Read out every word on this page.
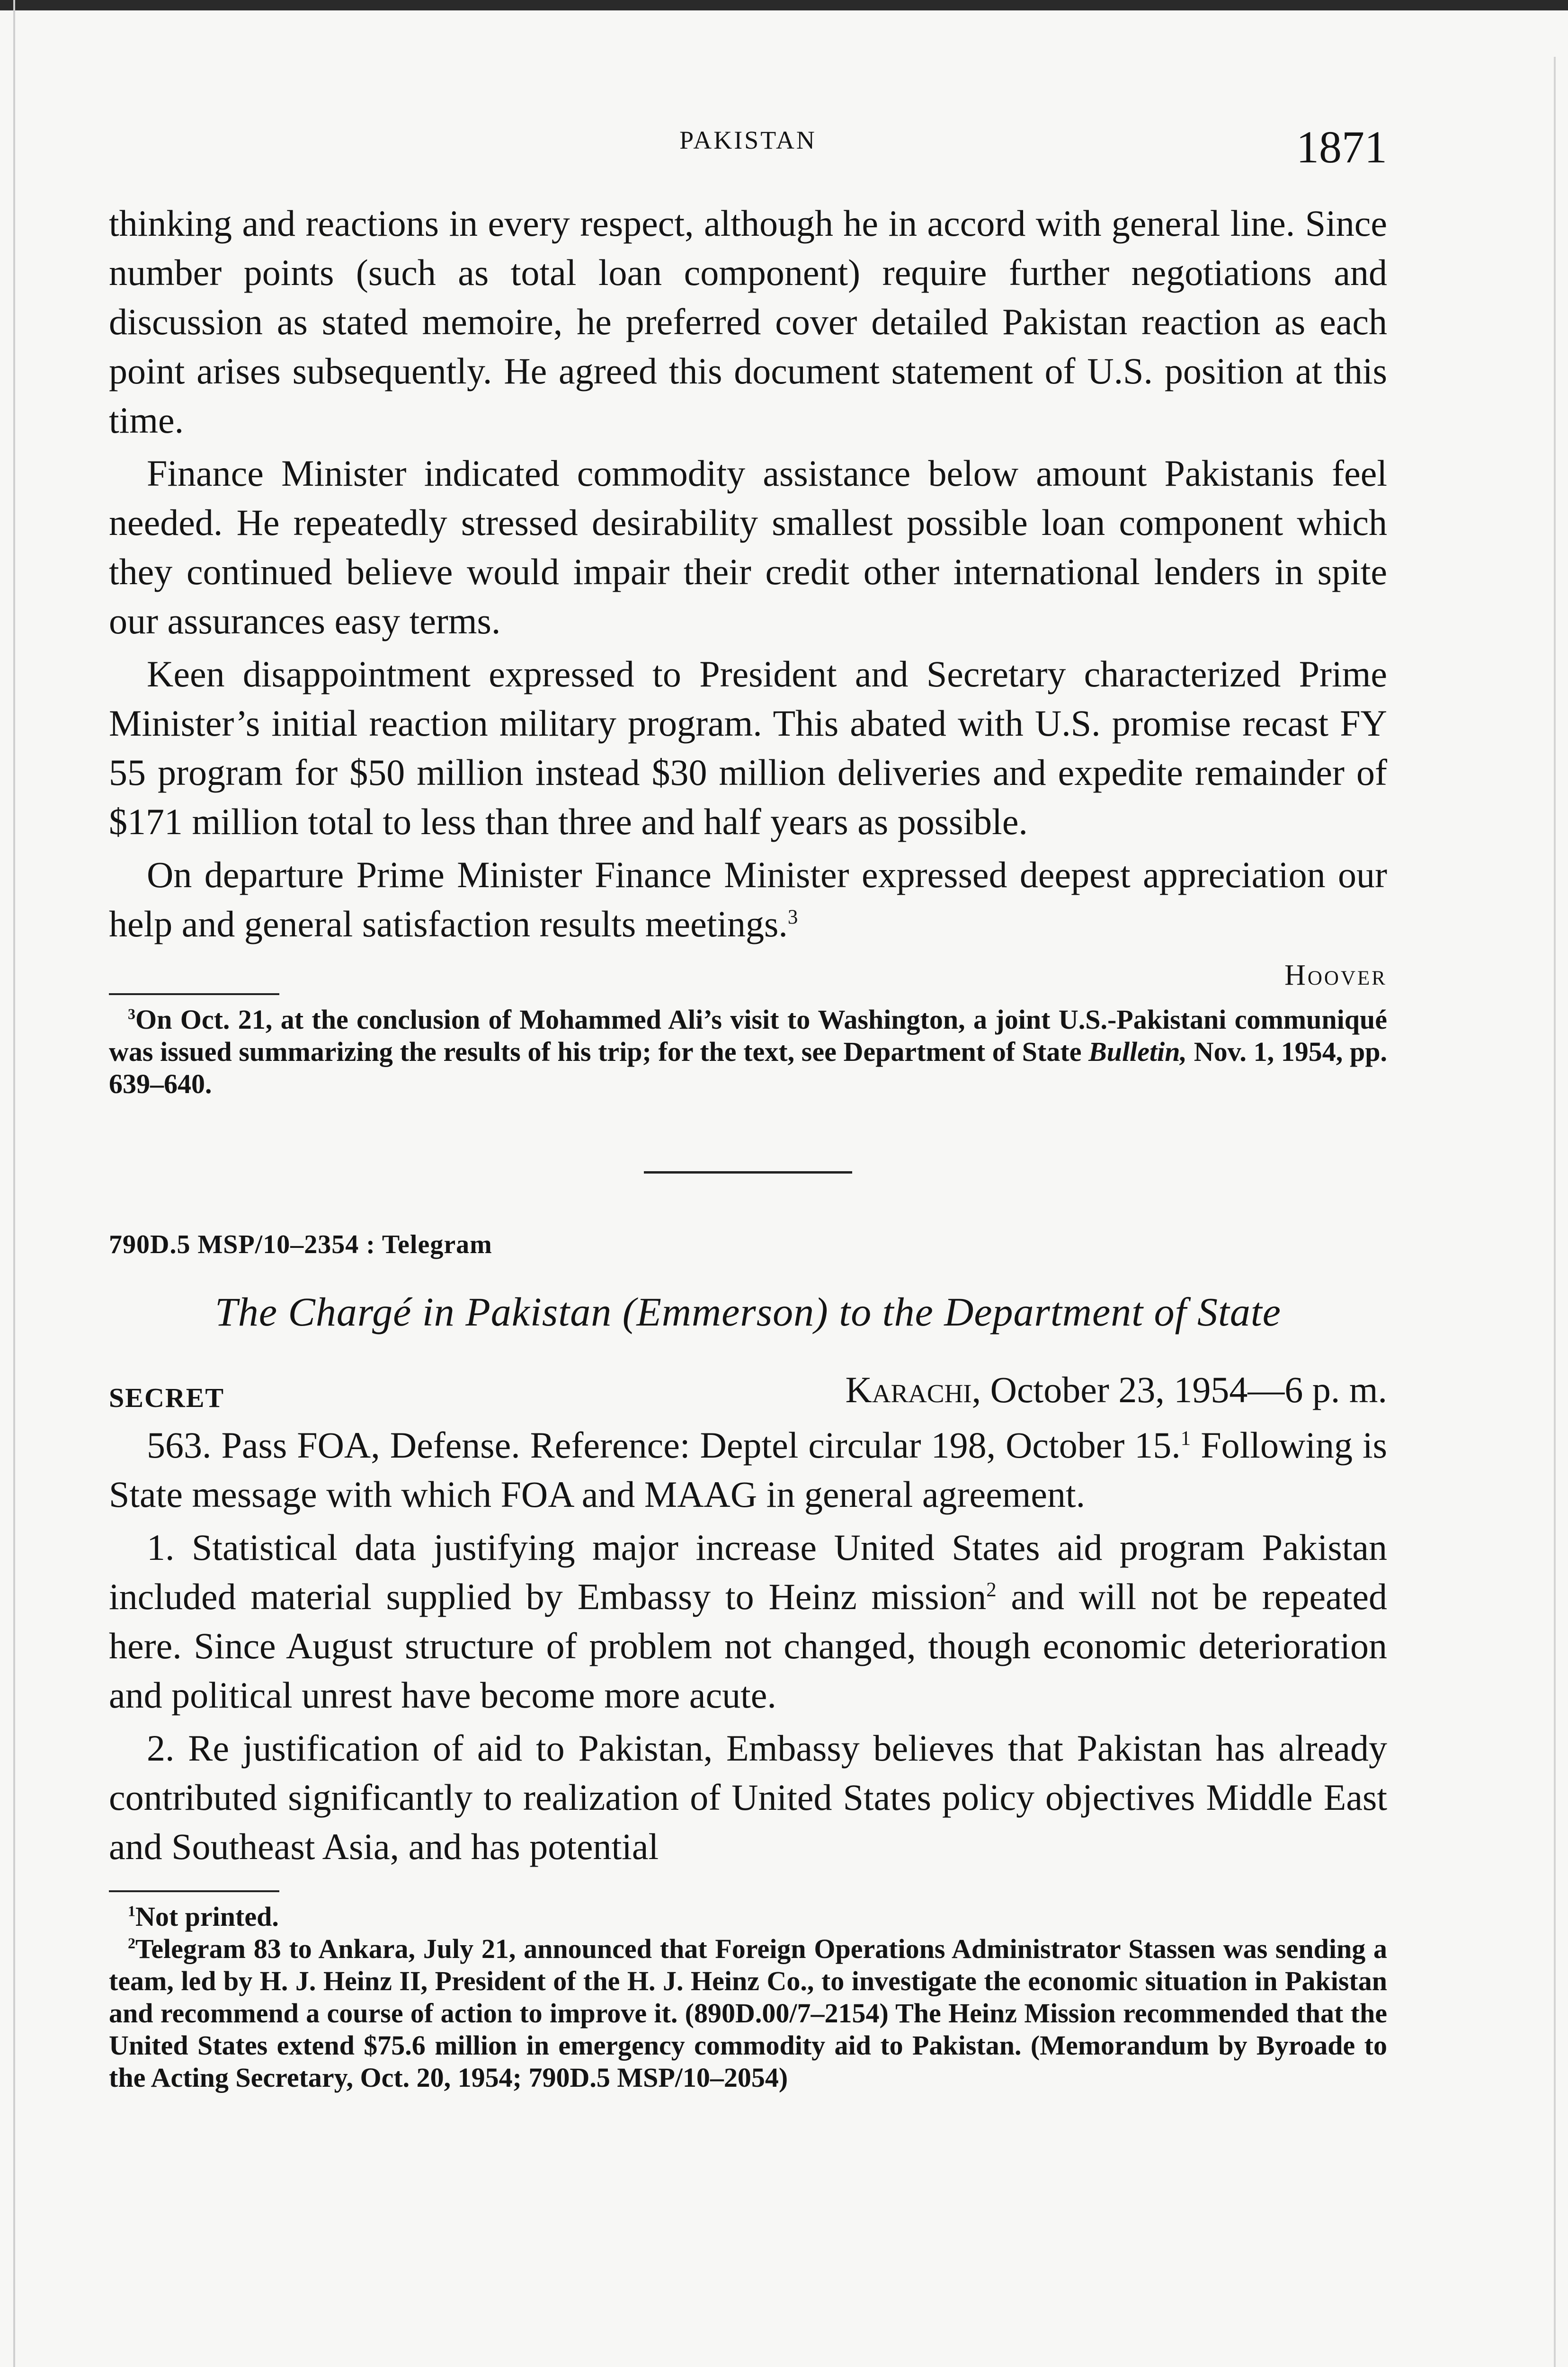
PAKISTAN	1871

thinking and reactions in every respect, although he in accord with general line. Since number points (such as total loan component) require further negotiations and discussion as stated memoire, he preferred cover detailed Pakistan reaction as each point arises subsequently. He agreed this document statement of U.S. position at this time.

Finance Minister indicated commodity assistance below amount Pakistanis feel needed. He repeatedly stressed desirability smallest possible loan component which they continued believe would impair their credit other international lenders in spite our assurances easy terms.

Keen disappointment expressed to President and Secretary characterized Prime Minister’s initial reaction military program. This abated with U.S. promise recast FY 55 program for $50 million instead $30 million deliveries and expedite remainder of $171 million total to less than three and half years as possible.

On departure Prime Minister Finance Minister expressed deepest appreciation our help and general satisfaction results meetings.$^3$

Hoover

$^3$On Oct. 21, at the conclusion of Mohammed Ali’s visit to Washington, a joint U.S.-Pakistani communiqué was issued summarizing the results of his trip; for the text, see Department of State Bulletin, Nov. 1, 1954, pp. 639–640.

790D.5 MSP/10–2354 : Telegram
The Chargé in Pakistan (Emmerson) to the Department of State
SECRET	Karachi, October 23, 1954—6 p. m.

563. Pass FOA, Defense. Reference: Deptel circular 198, October 15.$^1$ Following is State message with which FOA and MAAG in general agreement.

1. Statistical data justifying major increase United States aid program Pakistan included material supplied by Embassy to Heinz mission$^2$ and will not be repeated here. Since August structure of problem not changed, though economic deterioration and political unrest have become more acute.

2. Re justification of aid to Pakistan, Embassy believes that Pakistan has already contributed significantly to realization of United States policy objectives Middle East and Southeast Asia, and has potential

$^1$Not printed.

$^2$Telegram 83 to Ankara, July 21, announced that Foreign Operations Administrator Stassen was sending a team, led by H. J. Heinz II, President of the H. J. Heinz Co., to investigate the economic situation in Pakistan and recommend a course of action to improve it. (890D.00/7–2154) The Heinz Mission recommended that the United States extend $75.6 million in emergency commodity aid to Pakistan. (Memorandum by Byroade to the Acting Secretary, Oct. 20, 1954; 790D.5 MSP/10–2054)
